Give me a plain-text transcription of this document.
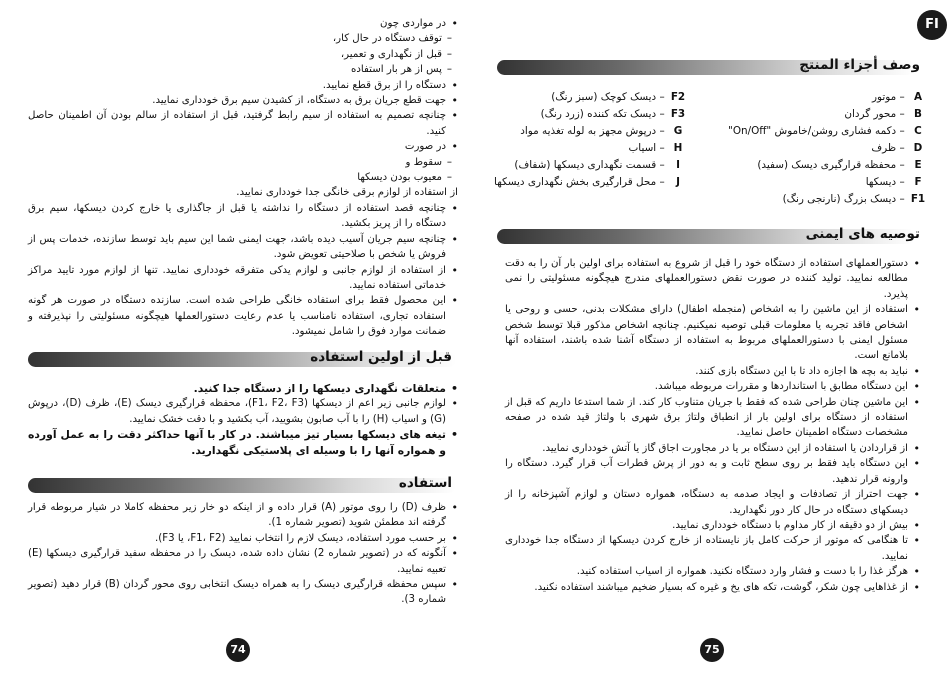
• در مواردی چون
– توقف دستگاه در حال کار،
– قبل از نگهداری و تعمیر،
– پس از هر بار استفاده
• دستگاه را از برق قطع نمایید.
• جهت قطع جریان برق به دستگاه، از کشیدن سیم برق خودداری نمایید.
• چنانچه تصمیم به استفاده از سیم رابط گرفتید، قبل از استفاده از سالم بودن آن اطمینان حاصل کنید.
• در صورت
– سقوط و
– معیوب بودن دیسکها
از استفاده از لوازم برقی خانگی جدا خودداری نمایید.
• چنانچه قصد استفاده از دستگاه را نداشته یا قبل از جاگذاری یا خارج کردن دیسکها، سیم برق دستگاه را از پریز بکشید.
• چنانچه سیم جریان آسیب دیده باشد، جهت ایمنی شما این سیم باید توسط سازنده، خدمات پس از فروش یا شخص با صلاحیتی تعویض شود.
• از استفاده از لوازم جانبی و لوازم یدکی متفرقه خودداری نمایید. تنها از لوازم مورد تایید مراکز خدماتی استفاده نمایید.
• این محصول فقط برای استفاده خانگی طراحی شده است. سازنده دستگاه در صورت هر گونه استفاده تجاری، استفاده نامناسب یا عدم رعایت دستورالعملها هیچگونه مسئولیتی را نپذیرفته و ضمانت موارد فوق را شامل نمیشود.
قبل از اولین استفاده
• متعلقات نگهداری دیسکها را از دستگاه جدا کنید.
• لوازم جانبی زیر اعم از دیسکها (F1، F2، F3)، محفظه قرارگیری دیسک (E)، ظرف (D)، درپوش (G) و اسیاب (H) را با آب صابون بشویید، آب بکشید و با دقت خشک نمایید.
• تیغه های دیسکها بسیار تیز میباشند. در کار با آنها حداکثر دقت را به عمل آورده و همواره آنها را با وسیله ای پلاستیکی نگهدارید.
استفاده
• ظرف (D) را روی موتور (A) قرار داده و از اینکه دو خار زیر محفظه کاملا در شیار مربوطه قرار گرفته اند مطمئن شوید (تصویر شماره 1).
• بر حسب مورد استفاده، دیسک لازم را انتخاب نمایید (F1، F2، یا F3).
• آنگونه که در (تصویر شماره 2) نشان داده شده، دیسک را در محفظه سفید قرارگیری دیسکها (E) تعبیه نمایید.
• سپس محفظه قرارگیری دیسک را به همراه دیسک انتخابی روی محور گردان (B) قرار دهید (تصویر شماره 3).
74
FI
وصف أجزاء المنتج
A – موتور
B – محور گردان
C – دکمه فشاری روشن/خاموش "On/Off"
D – ظرف
E – محفظه قرارگیری دیسک (سفید)
F – دیسکها
F1 – دیسک بزرگ (نارنجی رنگ)
F2 – دیسک کوچک (سبز رنگ)
F3 – دیسک تکه کننده (زرد رنگ)
G – درپوش مجهز به لوله تغذیه مواد
H – اسیاب
I – قسمت نگهداری دیسکها (شفاف)
J – محل قرارگیری بخش نگهداری دیسکها
توصیه های ایمنی
• دستورالعملهای استفاده از دستگاه خود را قبل از شروع به استفاده برای اولین بار آن را به دقت مطالعه نمایید. تولید کننده در صورت نقض دستورالعملهای مندرج هیچگونه مسئولیتی را نمی پذیرد.
• استفاده از این ماشین را به اشخاص (منجمله اطفال) دارای مشکلات بدنی، حسی و روحی یا اشخاص فاقد تجربه یا معلومات قبلی توصیه نمیکنیم. چنانچه اشخاص مذکور قبلا توسط شخص مسئول ایمنی با دستورالعملهای مربوط به استفاده از دستگاه آشنا شده باشند، استفاده آنها بلامانع است.
• نباید به بچه ها اجازه داد تا با این دستگاه بازی کنند.
• این دستگاه مطابق با استانداردها و مقررات مربوطه میباشد.
• این ماشین چنان طراحی شده که فقط با جریان متناوب کار کند. از شما استدعا داریم که قبل از استفاده از دستگاه برای اولین بار از انطباق ولتاژ برق شهری با ولتاژ قید شده در صفحه مشخصات دستگاه اطمینان حاصل نمایید.
• از قراردادن یا استفاده از این دستگاه بر یا در مجاورت اجاق گاز یا آتش خودداری نمایید.
• این دستگاه باید فقط بر روی سطح ثابت و به دور از پرش قطرات آب قرار گیرد. دستگاه را وارونه قرار ندهید.
• جهت احتراز از تصادفات و ایجاد صدمه به دستگاه، همواره دستان و لوازم آشپزخانه را از دیسکهای دستگاه در حال کار دور نگهدارید.
• بیش از دو دقیقه از کار مداوم با دستگاه خودداری نمایید.
• تا هنگامی که موتور از حرکت کامل باز نایستاده از خارج کردن دیسکها از دستگاه جدا خودداری نمایید.
• هرگز غذا را با دست و فشار وارد دستگاه نکنید. همواره از اسیاب استفاده کنید.
• از غذاهایی چون شکر، گوشت، تکه های یخ و غیره که بسیار ضخیم میباشند استفاده نکنید.
75
